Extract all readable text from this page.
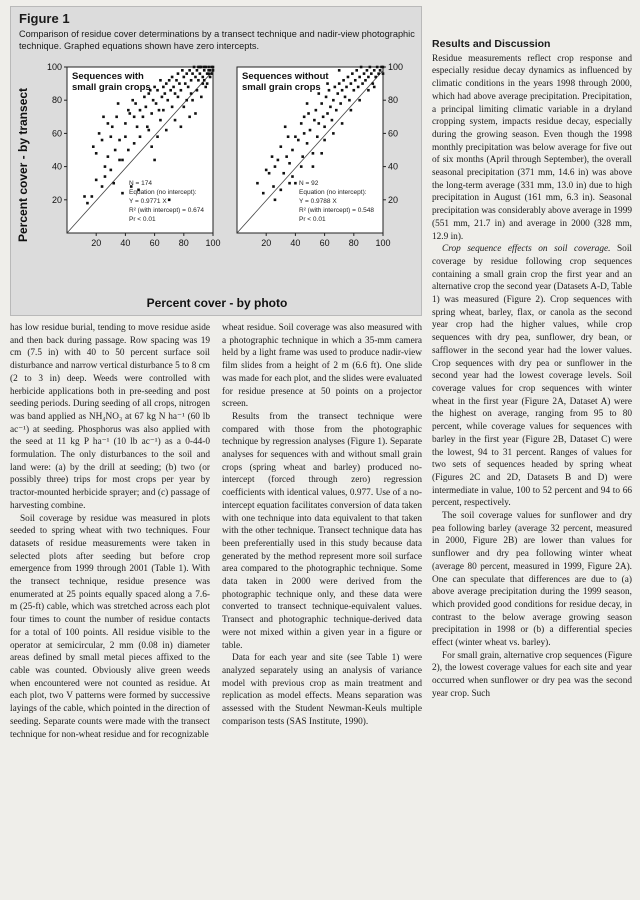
Figure 1
Comparison of residue cover determinations by a transect technique and nadir-view photographic technique. Graphed equations shown have zero intercepts.
Percent cover - by transect
Percent cover - by photo
20 40 60 80 100
20
40
60
80
100
Sequences with
small grain crops
N = 174
Equation (no intercept):
Y = 0.9771 X
R² (with intercept) = 0.674
Pr < 0.01
20 40 60 80 100
20
40
60
80
100
Sequences without
small grain crops
N = 92
Equation (no intercept):
Y = 0.9788 X
R² (with intercept) = 0.548
Pr < 0.01

has low residue burial, tending to move residue aside and then back during passage. Row spacing was 19 cm (7.5 in) with 40 to 50 percent surface soil disturbance and narrow vertical disturbance 5 to 8 cm (2 to 3 in) deep. Weeds were controlled with herbicide applications both in pre-seeding and post seeding periods. During seeding of all crops, nitrogen was band applied as NH₄NO₃ at 67 kg N ha⁻¹ (60 lb ac⁻¹) at seeding. Phosphorus was also applied with the seed at 11 kg P ha⁻¹ (10 lb ac⁻¹) as a 0-44-0 formulation. The only disturbances to the soil and land were: (a) by the drill at seeding; (b) two (or possibly three) trips for most crops per year by tractor-mounted herbicide sprayer; and (c) passage of harvesting combine.

Soil coverage by residue was measured in plots seeded to spring wheat with two techniques. Four datasets of residue measurements were taken in selected plots after seeding but before crop emergence from 1999 through 2001 (Table 1). With the transect technique, residue presence was enumerated at 25 points equally spaced along a 7.6-m (25-ft) cable, which was stretched across each plot four times to count the number of residue contacts for a total of 100 points. All residue visible to the operator at semicircular, 2 mm (0.08 in) diameter areas defined by small metal pieces affixed to the cable was counted. Obviously alive green weeds when encountered were not counted as residue. At each plot, two V patterns were formed by successive layings of the cable, which pointed in the direction of seeding. Separate counts were made with the transect technique for non-wheat residue and for recognizable

wheat residue. Soil coverage was also measured with a photographic technique in which a 35-mm camera held by a light frame was used to produce nadir-view film slides from a height of 2 m (6.6 ft). One slide was made for each plot, and the slides were evaluated for residue presence at 50 points on a projector screen.

Results from the transect technique were compared with those from the photographic technique by regression analyses (Figure 1). Separate analyses for sequences with and without small grain crops (spring wheat and barley) produced no-intercept (forced through zero) regression coefficients with identical values, 0.977. Use of a no-intercept equation facilitates conversion of data taken with one technique into data equivalent to that taken with the other technique. Transect technique data has been preferentially used in this study because data generated by the method represent more soil surface area compared to the photographic technique. Some data taken in 2000 were derived from the photographic technique only, and these data were converted to transect technique-equivalent values. Transect and photographic technique-derived data were not mixed within a given year in a figure or table.

Data for each year and site (see Table 1) were analyzed separately using an analysis of variance model with previous crop as main treatment and replication as model effects. Means separation was assessed with the Student Newman-Keuls multiple comparison tests (SAS Institute, 1990).

Results and Discussion

Residue measurements reflect crop response and especially residue decay dynamics as influenced by climatic conditions in the years 1998 through 2000, which had above average precipitation. Precipitation, a principal limiting climatic variable in a dryland cropping system, impacts residue decay, especially during the growing season. Even though the 1998 monthly precipitation was below average for five out of six months (April through September), the overall seasonal precipitation (371 mm, 14.6 in) was above the long-term average (331 mm, 13.0 in) due to high precipitation in August (161 mm, 6.3 in). Seasonal precipitation was considerably above average in 1999 (551 mm, 21.7 in) and average in 2000 (328 mm, 12.9 in).

Crop sequence effects on soil coverage. Soil coverage by residue following crop sequences containing a small grain crop the first year and an alternative crop the second year (Datasets A-D, Table 1) was measured (Figure 2). Crop sequences with spring wheat, barley, flax, or canola as the second year crop had the higher values, while crop sequences with dry pea, sunflower, dry bean, or safflower in the second year had the lower values. Crop sequences with dry pea or sunflower in the second year had the lowest coverage levels. Soil coverage values for crop sequences with winter wheat in the first year (Figure 2A, Dataset A) were the highest on average, ranging from 95 to 80 percent, while coverage values for sequences with barley in the first year (Figure 2B, Dataset C) were the lowest, 94 to 31 percent. Ranges of values for two sets of sequences headed by spring wheat (Figures 2C and 2D, Datasets B and D) were intermediate in value, 100 to 52 percent and 94 to 66 percent, respectively.

The soil coverage values for sunflower and dry pea following barley (average 32 percent, measured in 2000, Figure 2B) are lower than values for sunflower and dry pea following winter wheat (average 80 percent, measured in 1999, Figure 2A). One can speculate that differences are due to (a) above average precipitation during the 1999 season, which provided good conditions for residue decay, in contrast to the below average growing season precipitation in 1998 or (b) a differential species effect (winter wheat vs. barley).

For small grain, alternative crop sequences (Figure 2), the lowest coverage values for each site and year occurred when sunflower or dry pea was the second year crop. Such
